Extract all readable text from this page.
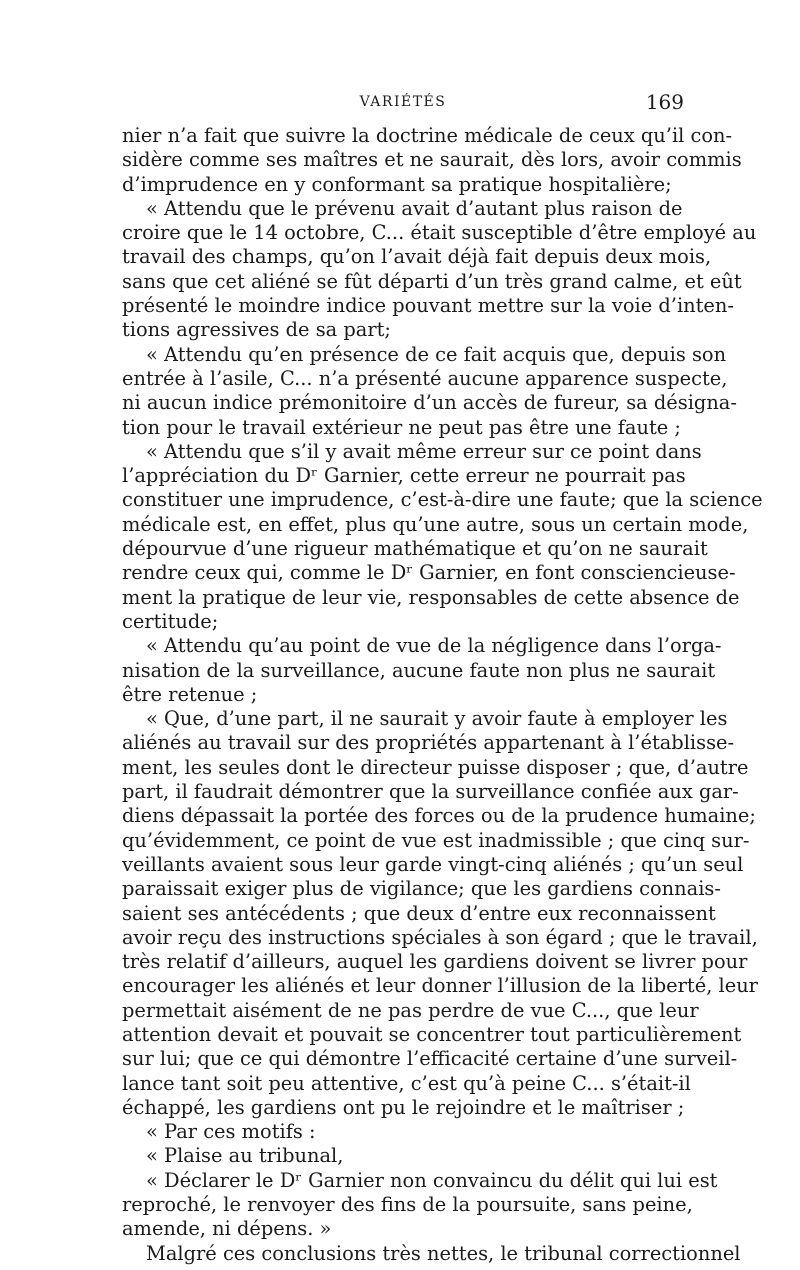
VARIÉTÉS	169
nier n’a fait que suivre la doctrine médicale de ceux qu’il con-
sidère comme ses maîtres et ne saurait, dès lors, avoir commis
d’imprudence en y conformant sa pratique hospitalière;
« Attendu que le prévenu avait d’autant plus raison de
croire que le 14 octobre, C... était susceptible d’être employé au
travail des champs, qu’on l’avait déjà fait depuis deux mois,
sans que cet aliéné se fût départi d’un très grand calme, et eût
présenté le moindre indice pouvant mettre sur la voie d’inten-
tions agressives de sa part;
« Attendu qu’en présence de ce fait acquis que, depuis son
entrée à l’asile, C... n’a présenté aucune apparence suspecte,
ni aucun indice prémonitoire d’un accès de fureur, sa désigna-
tion pour le travail extérieur ne peut pas être une faute ;
« Attendu que s’il y avait même erreur sur ce point dans
l’appréciation du Dʳ Garnier, cette erreur ne pourrait pas
constituer une imprudence, c’est-à-dire une faute; que la science
médicale est, en effet, plus qu’une autre, sous un certain mode,
dépourvue d’une rigueur mathématique et qu’on ne saurait
rendre ceux qui, comme le Dʳ Garnier, en font consciencieuse-
ment la pratique de leur vie, responsables de cette absence de
certitude;
« Attendu qu’au point de vue de la négligence dans l’orga-
nisation de la surveillance, aucune faute non plus ne saurait
être retenue ;
« Que, d’une part, il ne saurait y avoir faute à employer les
aliénés au travail sur des propriétés appartenant à l’établisse-
ment, les seules dont le directeur puisse disposer ; que, d’autre
part, il faudrait démontrer que la surveillance confiée aux gar-
diens dépassait la portée des forces ou de la prudence humaine;
qu’évidemment, ce point de vue est inadmissible ; que cinq sur-
veillants avaient sous leur garde vingt-cinq aliénés ; qu’un seul
paraissait exiger plus de vigilance; que les gardiens connais-
saient ses antécédents ; que deux d’entre eux reconnaissent
avoir reçu des instructions spéciales à son égard ; que le travail,
très relatif d’ailleurs, auquel les gardiens doivent se livrer pour
encourager les aliénés et leur donner l’illusion de la liberté, leur
permettait aisément de ne pas perdre de vue C..., que leur
attention devait et pouvait se concentrer tout particulièrement
sur lui; que ce qui démontre l’efficacité certaine d’une surveil-
lance tant soit peu attentive, c’est qu’à peine C... s’était-il
échappé, les gardiens ont pu le rejoindre et le maîtriser ;
« Par ces motifs :
« Plaise au tribunal,
« Déclarer le Dʳ Garnier non convaincu du délit qui lui est
reproché, le renvoyer des fins de la poursuite, sans peine,
amende, ni dépens. »
Malgré ces conclusions très nettes, le tribunal correctionnel
